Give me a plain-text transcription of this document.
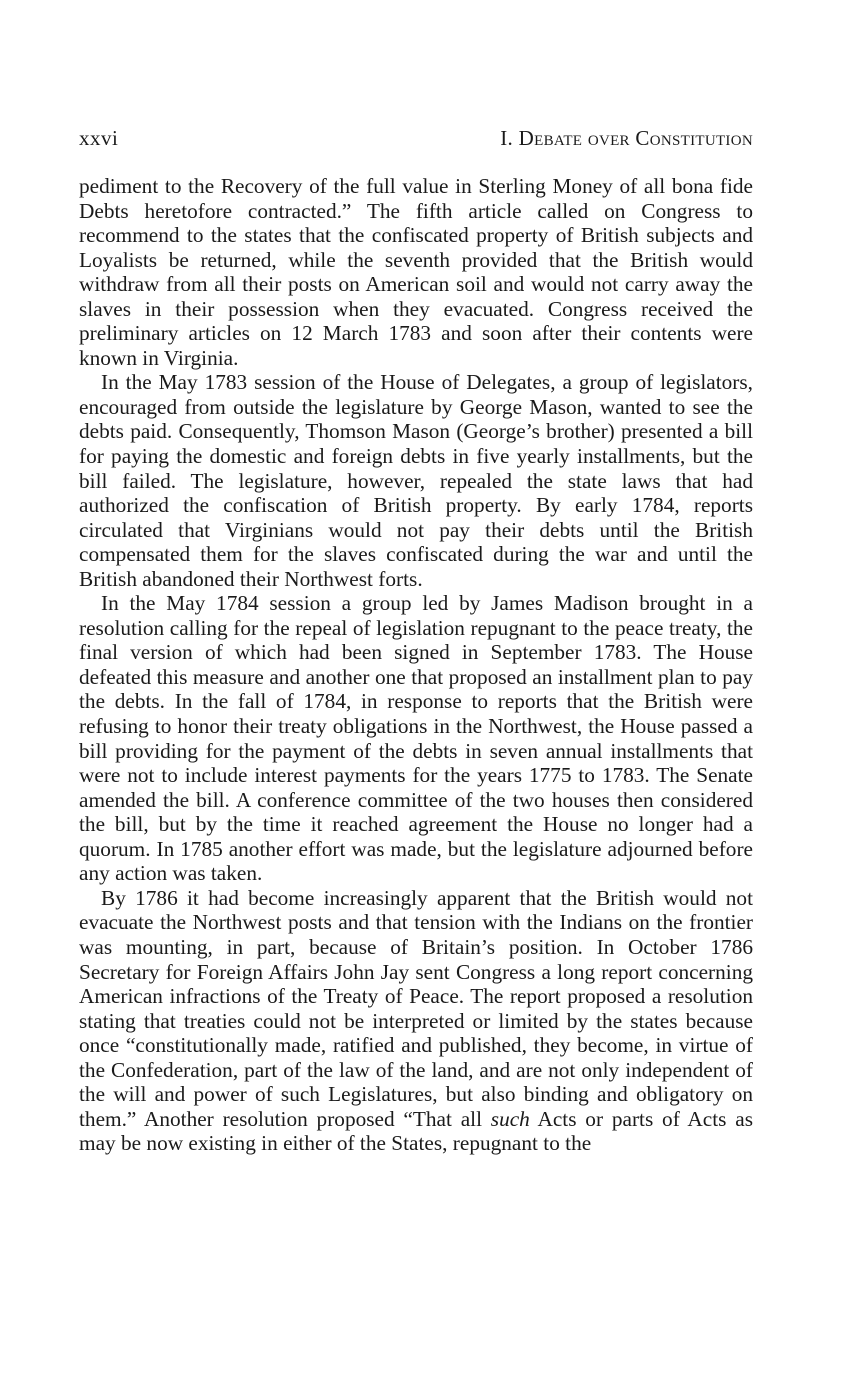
xxvi	I. Debate over Constitution

pediment to the Recovery of the full value in Sterling Money of all bona fide Debts heretofore contracted.” The fifth article called on Congress to recommend to the states that the confiscated property of British subjects and Loyalists be returned, while the seventh provided that the British would withdraw from all their posts on American soil and would not carry away the slaves in their possession when they evacuated. Congress received the preliminary articles on 12 March 1783 and soon after their contents were known in Virginia.

In the May 1783 session of the House of Delegates, a group of legislators, encouraged from outside the legislature by George Mason, wanted to see the debts paid. Consequently, Thomson Mason (George’s brother) presented a bill for paying the domestic and foreign debts in five yearly installments, but the bill failed. The legislature, however, repealed the state laws that had authorized the confiscation of British property. By early 1784, reports circulated that Virginians would not pay their debts until the British compensated them for the slaves confiscated during the war and until the British abandoned their Northwest forts.

In the May 1784 session a group led by James Madison brought in a resolution calling for the repeal of legislation repugnant to the peace treaty, the final version of which had been signed in September 1783. The House defeated this measure and another one that proposed an installment plan to pay the debts. In the fall of 1784, in response to reports that the British were refusing to honor their treaty obligations in the Northwest, the House passed a bill providing for the payment of the debts in seven annual installments that were not to include interest payments for the years 1775 to 1783. The Senate amended the bill. A conference committee of the two houses then considered the bill, but by the time it reached agreement the House no longer had a quorum. In 1785 another effort was made, but the legislature adjourned before any action was taken.

By 1786 it had become increasingly apparent that the British would not evacuate the Northwest posts and that tension with the Indians on the frontier was mounting, in part, because of Britain’s position. In October 1786 Secretary for Foreign Affairs John Jay sent Congress a long report concerning American infractions of the Treaty of Peace. The report proposed a resolution stating that treaties could not be interpreted or limited by the states because once “constitutionally made, ratified and published, they become, in virtue of the Confederation, part of the law of the land, and are not only independent of the will and power of such Legislatures, but also binding and obligatory on them.” Another resolution proposed “That all such Acts or parts of Acts as may be now existing in either of the States, repugnant to the
